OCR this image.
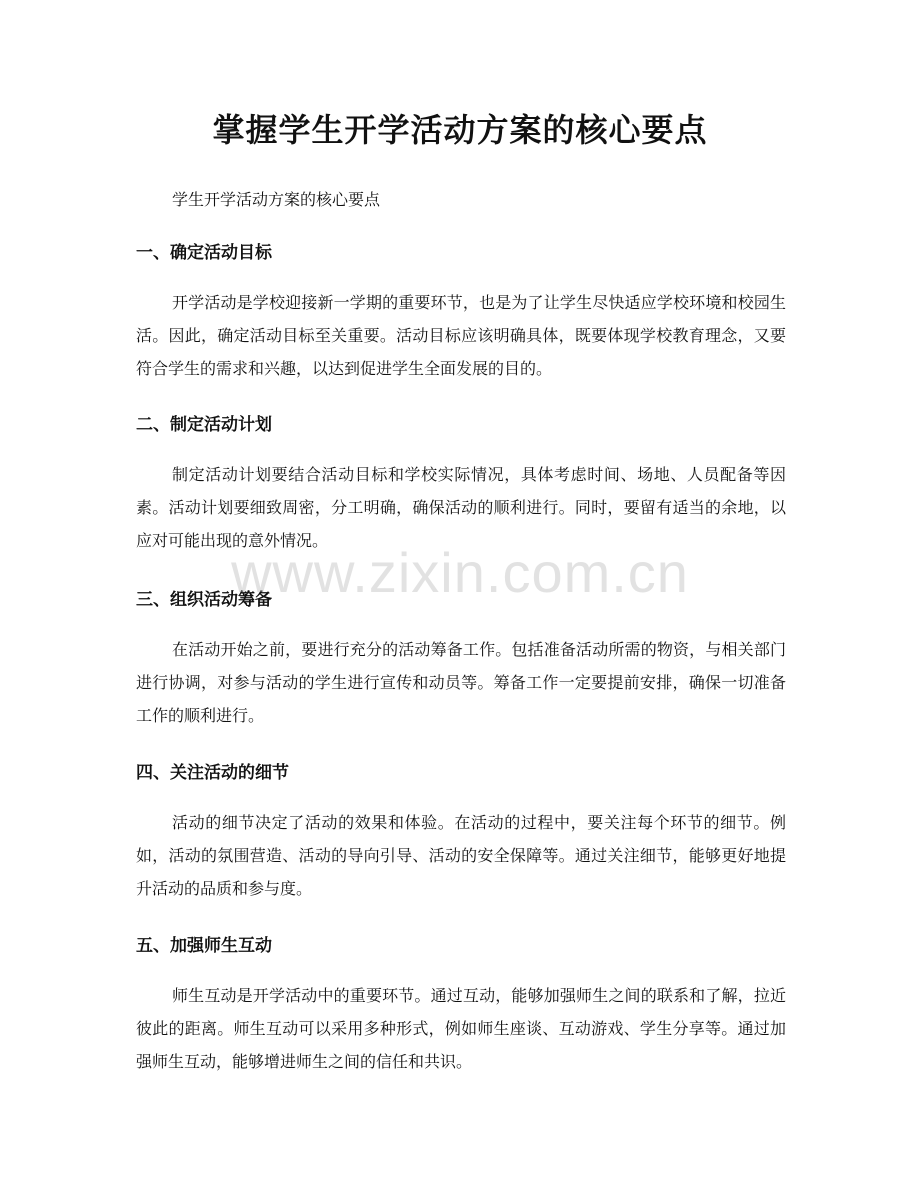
掌握学生开学活动方案的核心要点
学生开学活动方案的核心要点
一、确定活动目标
开学活动是学校迎接新一学期的重要环节，也是为了让学生尽快适应学校环境和校园生活。因此，确定活动目标至关重要。活动目标应该明确具体，既要体现学校教育理念，又要符合学生的需求和兴趣，以达到促进学生全面发展的目的。
二、制定活动计划
制定活动计划要结合活动目标和学校实际情况，具体考虑时间、场地、人员配备等因素。活动计划要细致周密，分工明确，确保活动的顺利进行。同时，要留有适当的余地，以应对可能出现的意外情况。
三、组织活动筹备
在活动开始之前，要进行充分的活动筹备工作。包括准备活动所需的物资，与相关部门进行协调，对参与活动的学生进行宣传和动员等。筹备工作一定要提前安排，确保一切准备工作的顺利进行。
四、关注活动的细节
活动的细节决定了活动的效果和体验。在活动的过程中，要关注每个环节的细节。例如，活动的氛围营造、活动的导向引导、活动的安全保障等。通过关注细节，能够更好地提升活动的品质和参与度。
五、加强师生互动
师生互动是开学活动中的重要环节。通过互动，能够加强师生之间的联系和了解，拉近彼此的距离。师生互动可以采用多种形式，例如师生座谈、互动游戏、学生分享等。通过加强师生互动，能够增进师生之间的信任和共识。
www.zixin.com.cn
